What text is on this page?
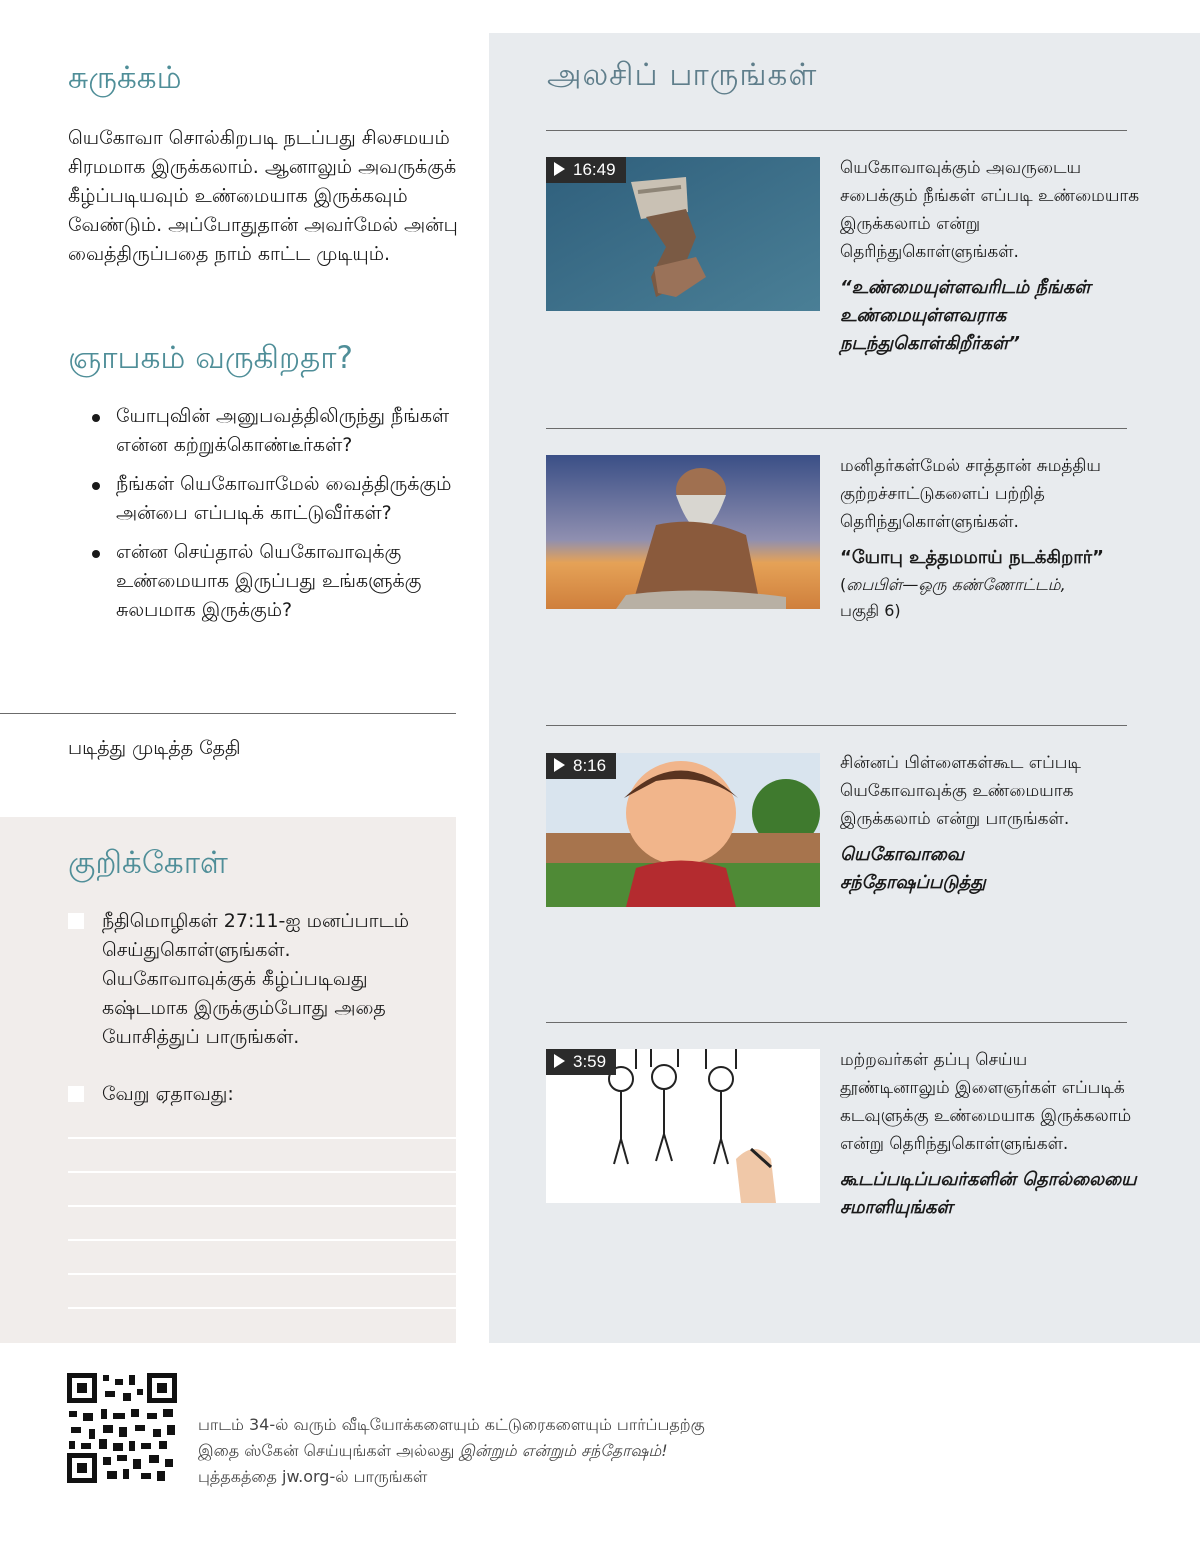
சுருக்கம்
யெகோவா சொல்கிறபடி நடப்பது சிலசமயம் சிரமமாக இருக்கலாம். ஆனாலும் அவருக்குக் கீழ்ப்படியவும் உண்மையாக இருக்கவும் வேண்டும். அப்போதுதான் அவர்மேல் அன்பு வைத்திருப்பதை நாம் காட்ட முடியும்.
ஞாபகம் வருகிறதா?
யோபுவின் அனுபவத்திலிருந்து நீங்கள் என்ன கற்றுக்கொண்டீர்கள்?
நீங்கள் யெகோவாமேல் வைத்திருக்கும் அன்பை எப்படிக் காட்டுவீர்கள்?
என்ன செய்தால் யெகோவாவுக்கு உண்மையாக இருப்பது உங்களுக்கு சுலபமாக இருக்கும்?
படித்து முடித்த தேதி
குறிக்கோள்
நீதிமொழிகள் 27:11-ஐ மனப்பாடம் செய்துகொள்ளுங்கள். யெகோவாவுக்குக் கீழ்ப்படிவது கஷ்டமாக இருக்கும்போது அதை யோசித்துப் பாருங்கள்.
வேறு ஏதாவது:
அலசிப் பாருங்கள்
16:49	யெகோவாவுக்கும் அவருடைய சபைக்கும் நீங்கள் எப்படி உண்மையாக இருக்கலாம் என்று தெரிந்துகொள்ளுங்கள்.
“உண்மையுள்ளவரிடம் நீங்கள் உண்மையுள்ளவராக நடந்துகொள்கிறீர்கள்”
மனிதர்கள்மேல் சாத்தான் சுமத்திய குற்றச்சாட்டுகளைப் பற்றித் தெரிந்துகொள்ளுங்கள்.
“யோபு உத்தமமாய் நடக்கிறார்”
(பைபிள்—ஒரு கண்ணோட்டம்,
பகுதி 6)
8:16	சின்னப் பிள்ளைகள்கூட எப்படி யெகோவாவுக்கு உண்மையாக இருக்கலாம் என்று பாருங்கள்.
யெகோவாவை சந்தோஷப்படுத்து
3:59	மற்றவர்கள் தப்பு செய்ய தூண்டினாலும் இளைஞர்கள் எப்படிக் கடவுளுக்கு உண்மையாக இருக்கலாம் என்று தெரிந்துகொள்ளுங்கள்.
கூடப்படிப்பவர்களின் தொல்லையை சமாளியுங்கள்
பாடம் 34-ல் வரும் வீடியோக்களையும் கட்டுரைகளையும் பார்ப்பதற்கு இதை ஸ்கேன் செய்யுங்கள் அல்லது இன்றும் என்றும் சந்தோஷம்! புத்தகத்தை jw.org-ல் பாருங்கள்
